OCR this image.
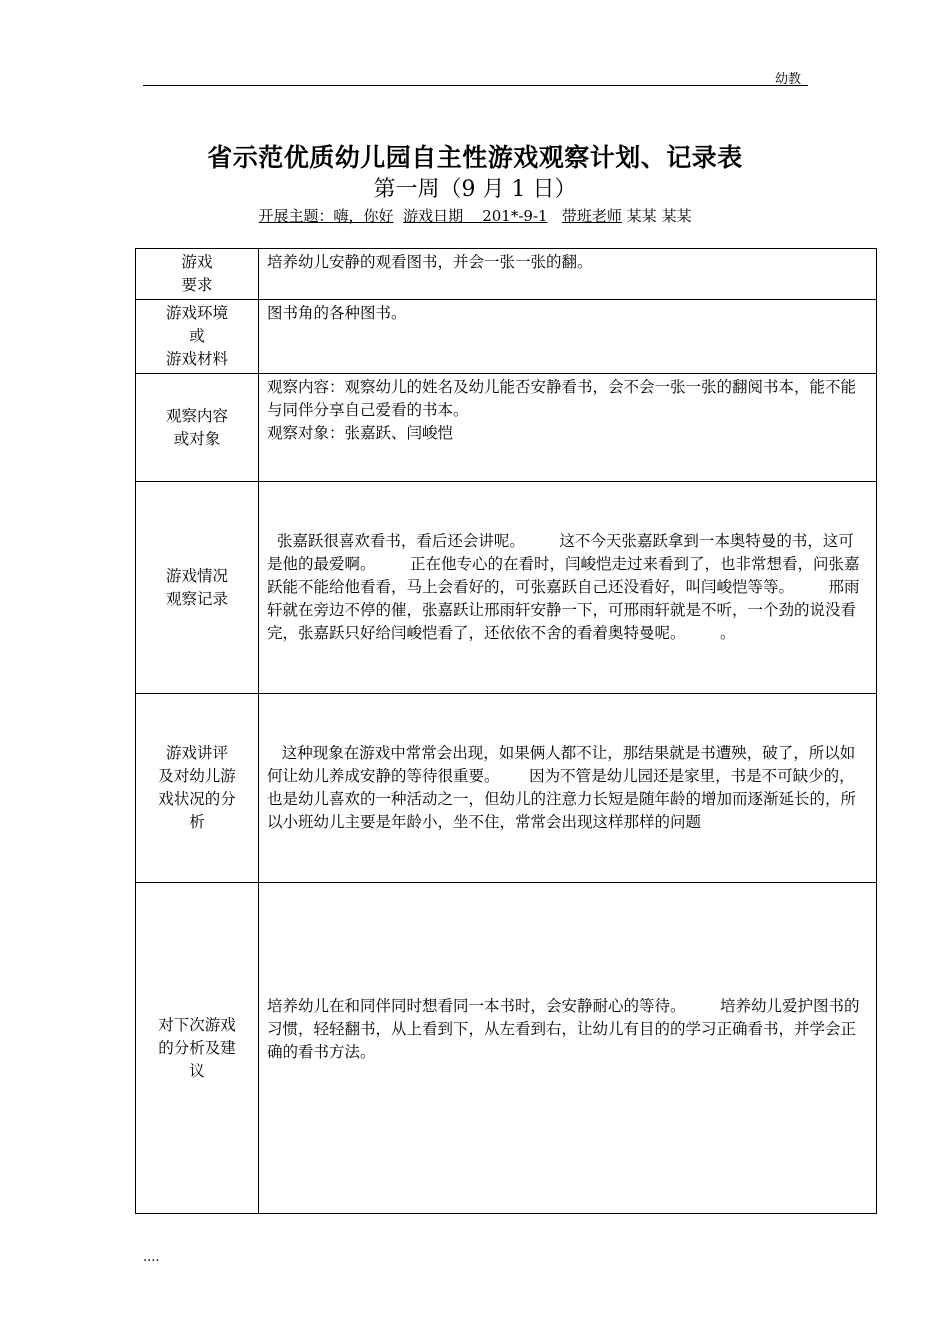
幼教
省示范优质幼儿园自主性游戏观察计划、记录表
第一周（9 月 1 日）
开展主题：嗨，你好 游戏日期 201*-9-1 带班老师 某某 某某
游戏
要求	培养幼儿安静的观看图书，并会一张一张的翻。

游戏环境
或
游戏材料	图书角的各种图书。

观察内容
或对象	观察内容：观察幼儿的姓名及幼儿能否安静看书，会不会一张一张的翻阅书本，能不能与同伴分享自己爱看的书本。
观察对象：张嘉跃、闫峻恺

游戏情况
观察记录	张嘉跃很喜欢看书，看后还会讲呢。       这不今天张嘉跃拿到一本奥特曼的书，这可是他的最爱啊。       正在他专心的在看时，闫峻恺走过来看到了，也非常想看，问张嘉跃能不能给他看看，马上会看好的，可张嘉跃自己还没看好，叫闫峻恺等等。       邢雨轩就在旁边不停的催，张嘉跃让邢雨轩安静一下，可邢雨轩就是不听，一个劲的说没看完，张嘉跃只好给闫峻恺看了，还依依不舍的看着奥特曼呢。       。

游戏讲评
及对幼儿游
戏状况的分
析	这种现象在游戏中常常会出现，如果俩人都不让，那结果就是书遭殃，破了，所以如何让幼儿养成安静的等待很重要。      因为不管是幼儿园还是家里，书是不可缺少的，也是幼儿喜欢的一种活动之一，但幼儿的注意力长短是随年龄的增加而逐渐延长的，所以小班幼儿主要是年龄小，坐不住，常常会出现这样那样的问题

对下次游戏
的分析及建
议	培养幼儿在和同伴同时想看同一本书时，会安静耐心的等待。       培养幼儿爱护图书的习惯，轻轻翻书，从上看到下，从左看到右，让幼儿有目的的学习正确看书，并学会正确的看书方法。

....
